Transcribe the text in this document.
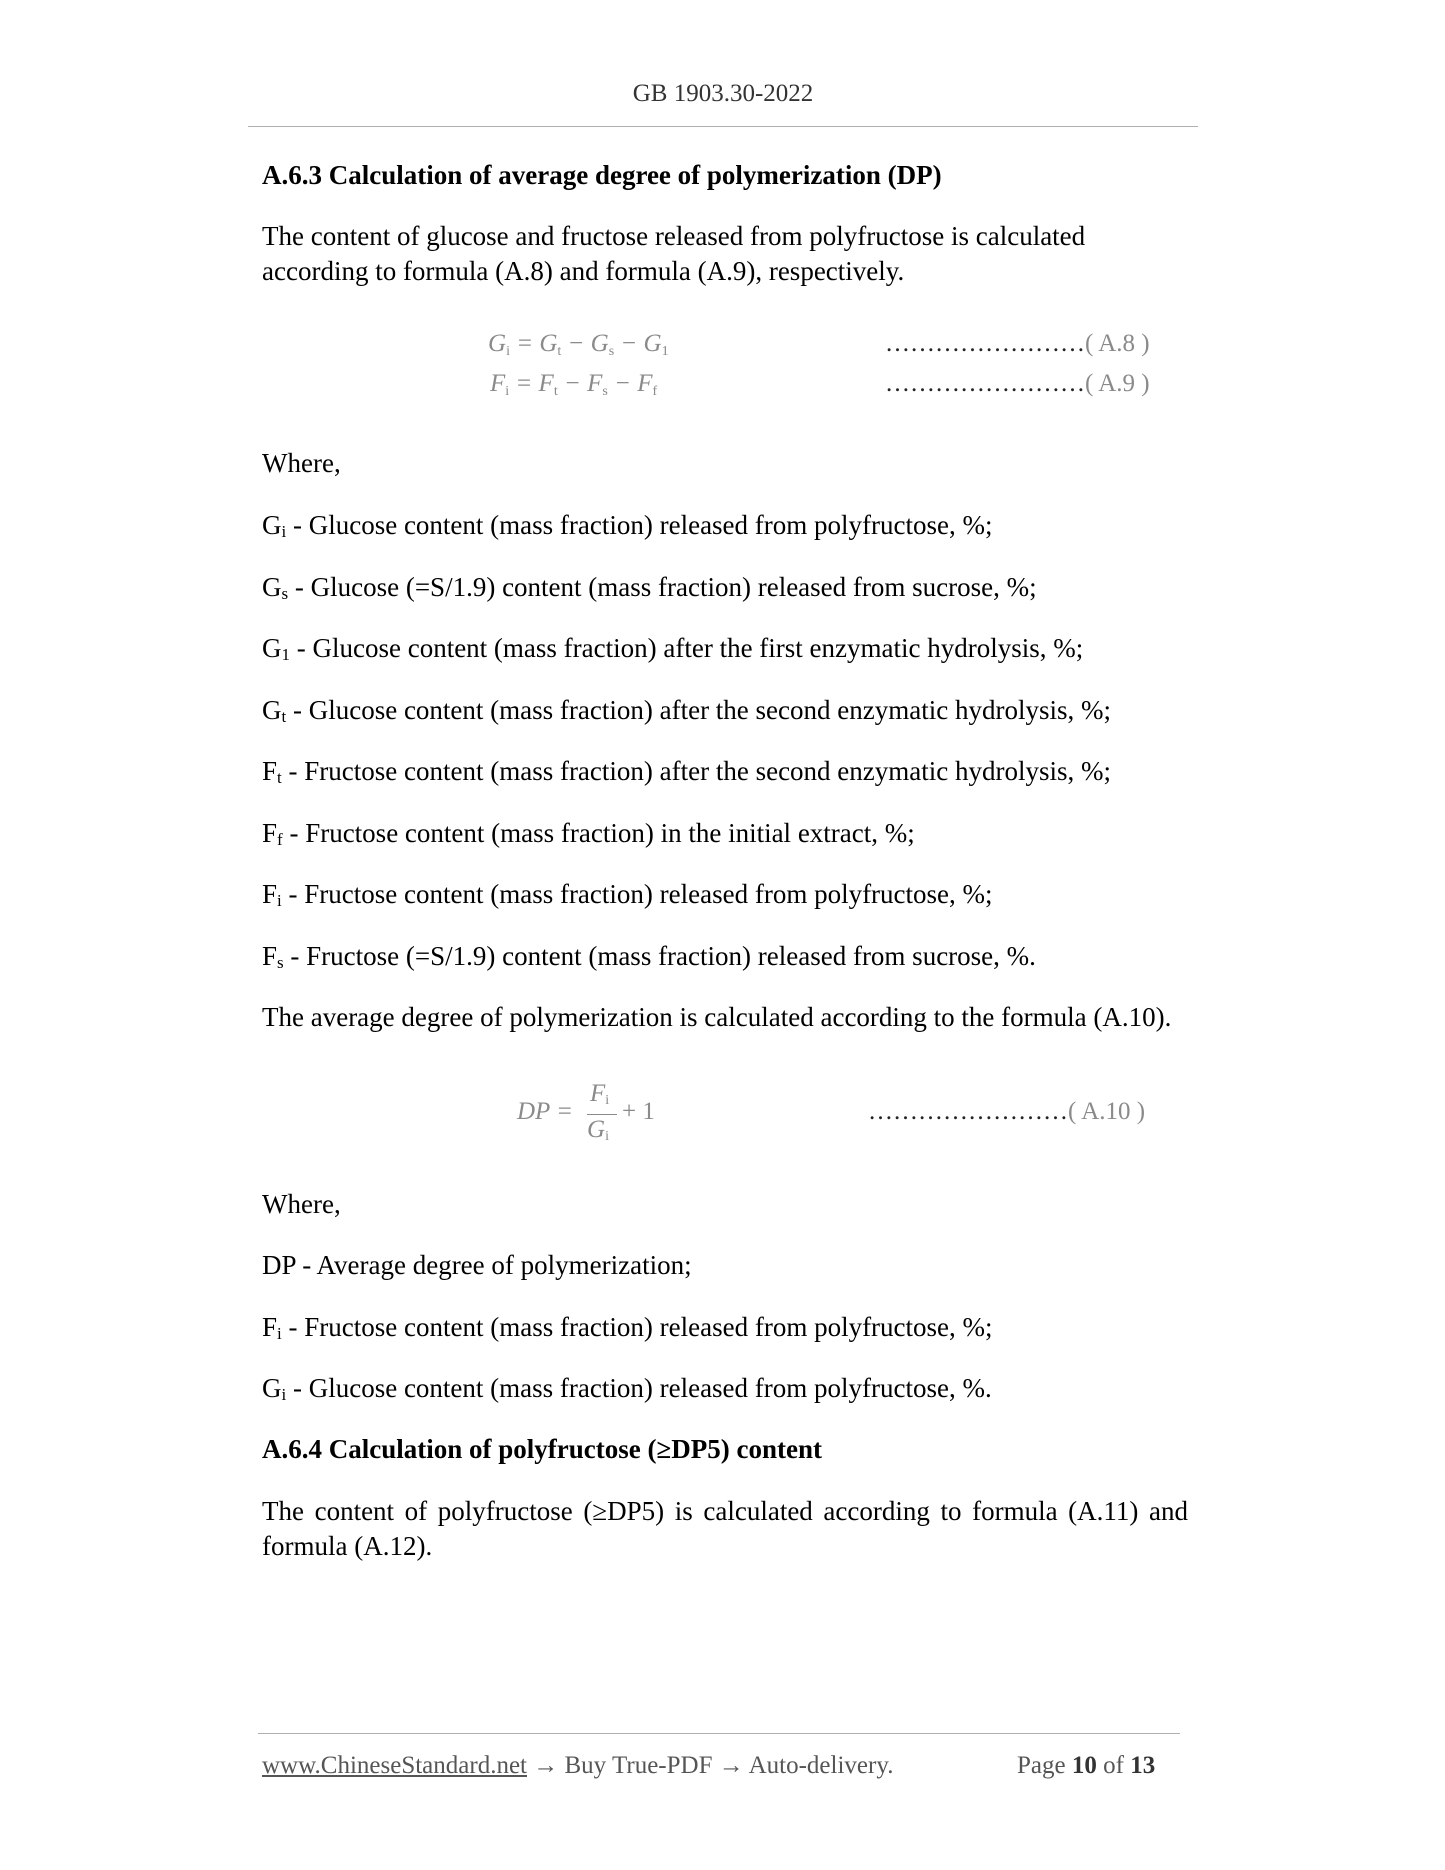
GB 1903.30-2022
A.6.3 Calculation of average degree of polymerization (DP)
The content of glucose and fructose released from polyfructose is calculated according to formula (A.8) and formula (A.9), respectively.
$G_i = G_t - G_s - G_1$	……………………( A.8 )
$F_i = F_t - F_s - F_f$	……………………( A.9 )
Where,
$G_i$ - Glucose content (mass fraction) released from polyfructose, %;
$G_s$ - Glucose (=S/1.9) content (mass fraction) released from sucrose, %;
$G_1$ - Glucose content (mass fraction) after the first enzymatic hydrolysis, %;
$G_t$ - Glucose content (mass fraction) after the second enzymatic hydrolysis, %;
$F_t$ - Fructose content (mass fraction) after the second enzymatic hydrolysis, %;
$F_f$ - Fructose content (mass fraction) in the initial extract, %;
$F_i$ - Fructose content (mass fraction) released from polyfructose, %;
$F_s$ - Fructose (=S/1.9) content (mass fraction) released from sucrose, %.
The average degree of polymerization is calculated according to the formula (A.10).
DP =
$F_i$
$G_i$
+ 1	……………………( A.10 )
Where,
DP - Average degree of polymerization;
$F_i$ - Fructose content (mass fraction) released from polyfructose, %;
$G_i$ - Glucose content (mass fraction) released from polyfructose, %.
A.6.4 Calculation of polyfructose (≥DP5) content
The content of polyfructose (≥DP5) is calculated according to formula (A.11) and formula (A.12).
www.ChineseStandard.net → Buy True-PDF → Auto-delivery.	Page 10 of 13
